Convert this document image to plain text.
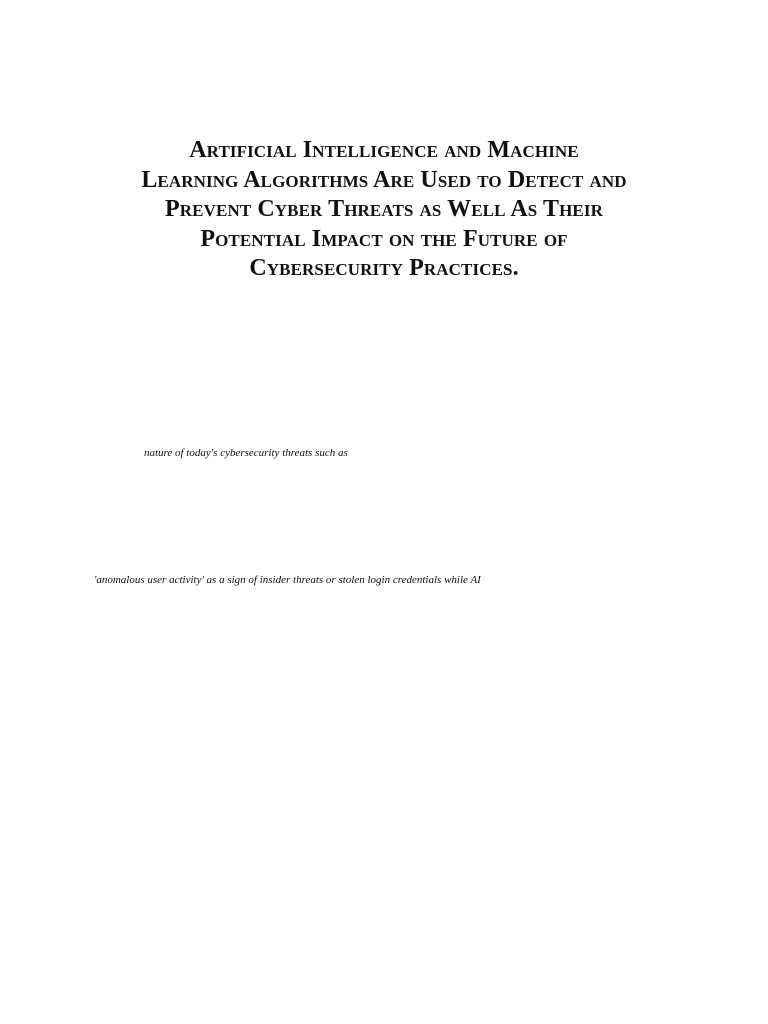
Artificial Intelligence and Machine
Learning Algorithms Are Used to Detect and
Prevent Cyber Threats as Well As Their
Potential Impact on the Future of
Cybersecurity Practices.

nature of today's cybersecurity threats such as

'anomalous user activity' as a sign of insider threats or stolen login credentials while AI
